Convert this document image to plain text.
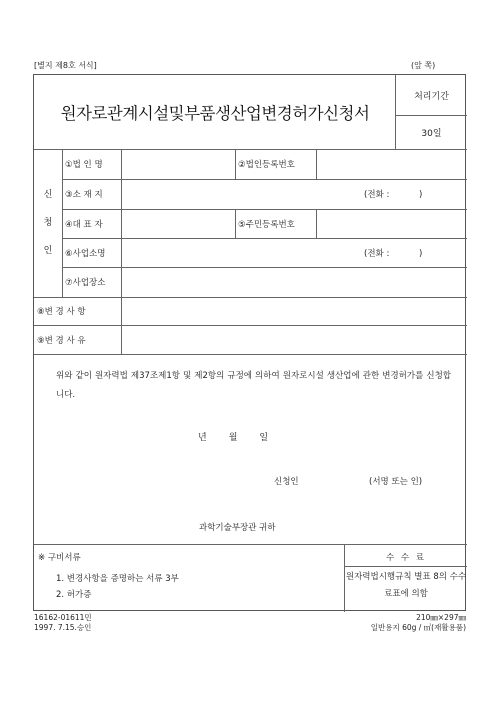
[별지 제8호 서식]	(앞 쪽)
원자로관계시설및부품생산업변경허가신청서
처리기간
30일
신
청
인
①법 인 명	②법인등록번호
③소 재 지	(전화 :           )
④대 표 자	⑤주민등록번호
⑥사업소명	(전화 :           )
⑦사업장소
⑧변 경 사 항
⑨변 경 사 유
위와 같이 원자력법 제37조제1항 및 제2항의 규정에 의하여 원자로시설 생산업에 관한 변경허가를 신청합니다.
년 월 일
신청인	(서명 또는 인)
과학기술부장관 귀하
※ 구비서류
1. 변경사항을 증명하는 서류 3부
2. 허가증
수 수 료
원자력법시행규칙 별표 8의 수수료표에 의함
16162-01611민
1997. 7.15.승인
210㎜×297㎜
일반용지 60g / ㎡(재활용품)
